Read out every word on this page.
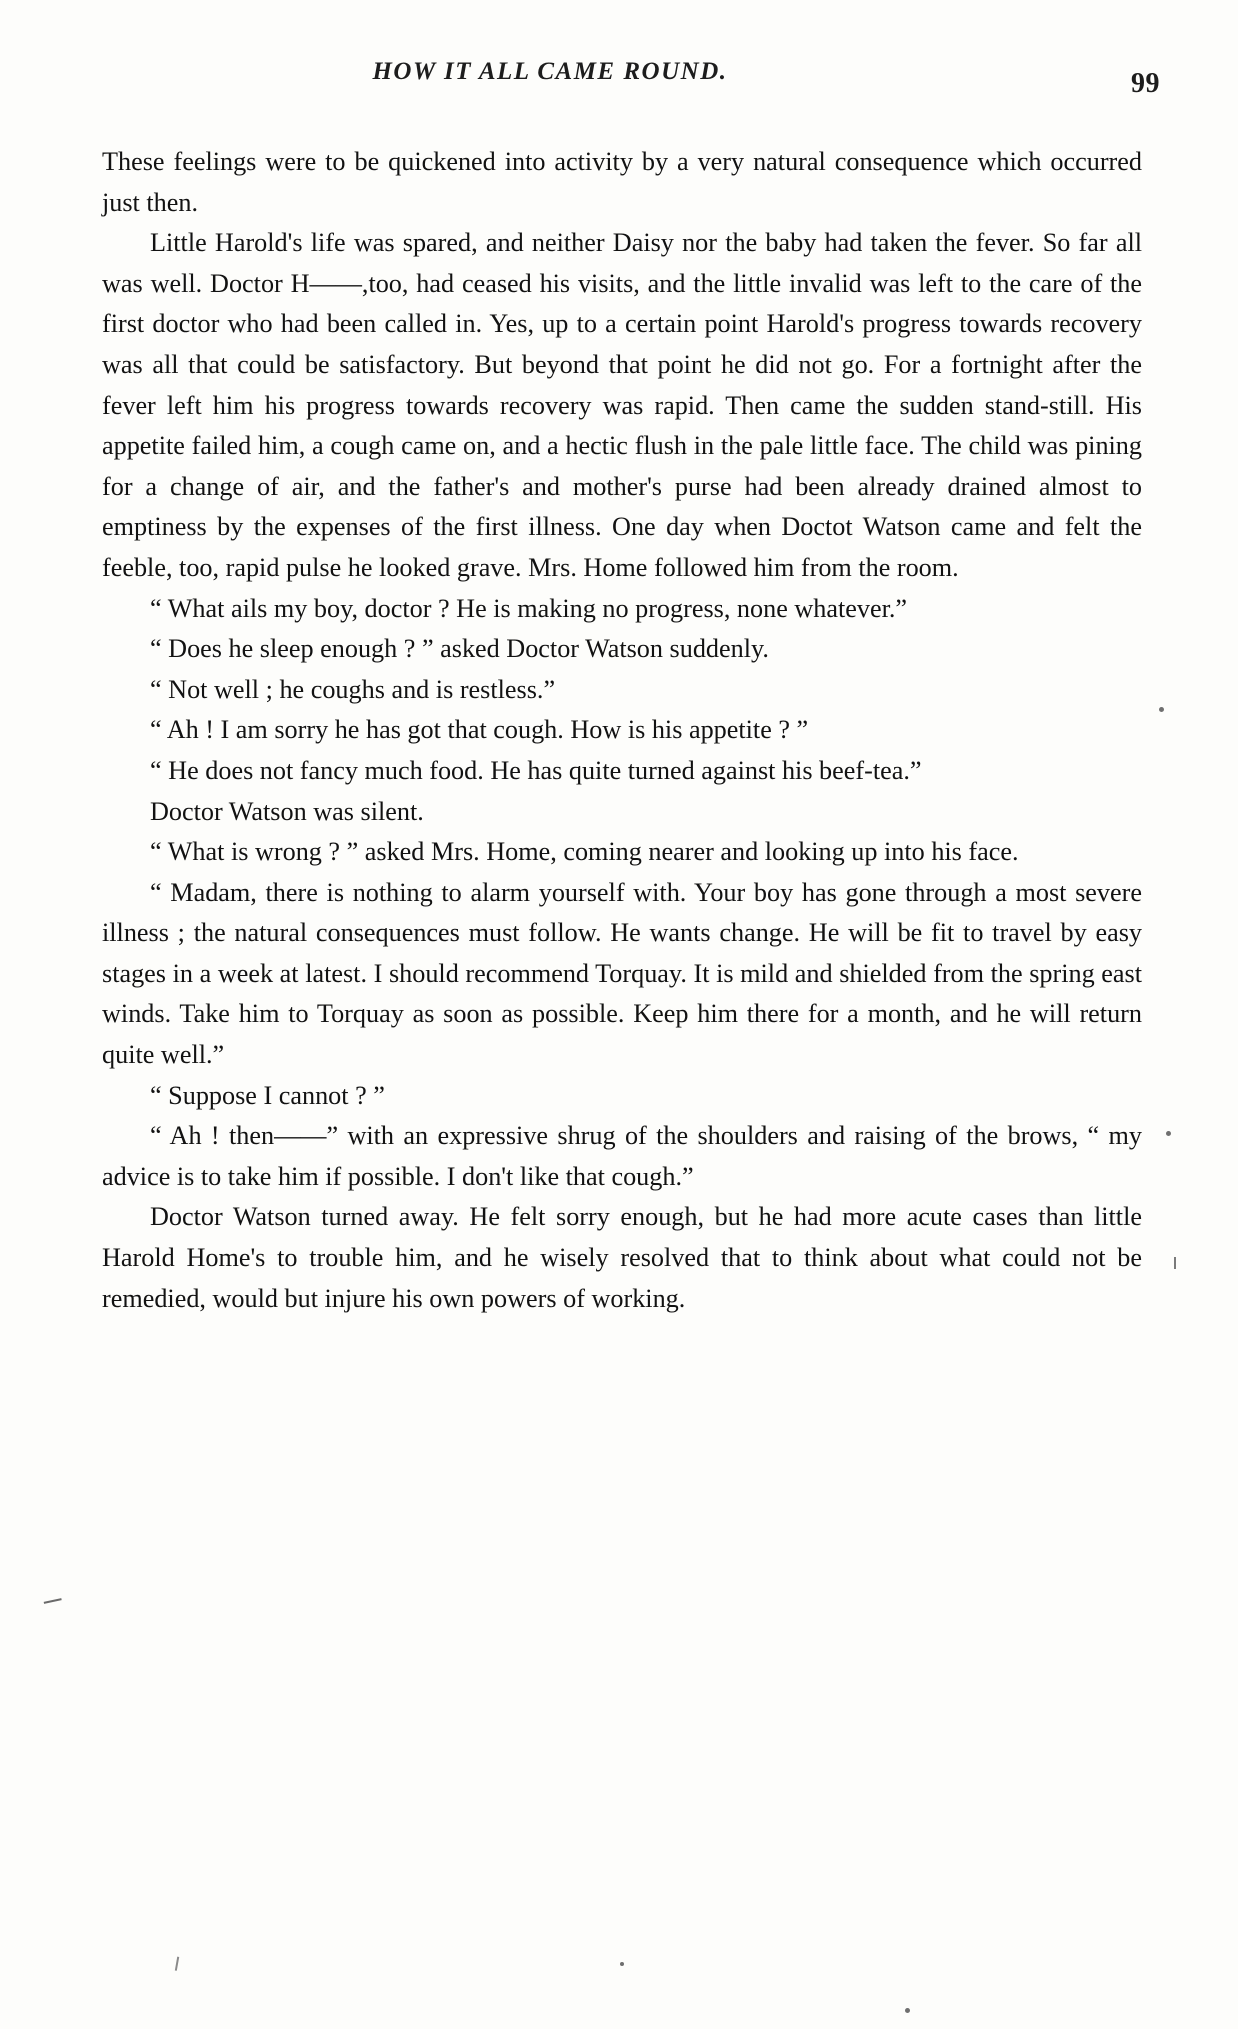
HOW IT ALL CAME ROUND.	99

These feelings were to be quickened into activity by a very natural consequence which occurred just then.

Little Harold's life was spared, and neither Daisy nor the baby had taken the fever. So far all was well. Doctor H——,too, had ceased his visits, and the little invalid was left to the care of the first doctor who had been called in. Yes, up to a certain point Harold's progress towards recovery was all that could be satisfactory. But beyond that point he did not go. For a fortnight after the fever left him his progress towards recovery was rapid. Then came the sudden stand-still. His appetite failed him, a cough came on, and a hectic flush in the pale little face. The child was pining for a change of air, and the father's and mother's purse had been already drained almost to emptiness by the expenses of the first illness. One day when Doctot Watson came and felt the feeble, too, rapid pulse he looked grave. Mrs. Home followed him from the room.

“ What ails my boy, doctor ? He is making no progress, none whatever.”

“ Does he sleep enough ? ” asked Doctor Watson suddenly.

“ Not well ; he coughs and is restless.”

“ Ah ! I am sorry he has got that cough. How is his appetite ? ”

“ He does not fancy much food. He has quite turned against his beef-tea.”

Doctor Watson was silent.

“ What is wrong ? ” asked Mrs. Home, coming nearer and looking up into his face.

“ Madam, there is nothing to alarm yourself with. Your boy has gone through a most severe illness ; the natural consequences must follow. He wants change. He will be fit to travel by easy stages in a week at latest. I should recommend Torquay. It is mild and shielded from the spring east winds. Take him to Torquay as soon as possible. Keep him there for a month, and he will return quite well.”

“ Suppose I cannot ? ”

“ Ah ! then——” with an expressive shrug of the shoulders and raising of the brows, “ my advice is to take him if possible. I don't like that cough.”

Doctor Watson turned away. He felt sorry enough, but he had more acute cases than little Harold Home's to trouble him, and he wisely resolved that to think about what could not be remedied, would but injure his own powers of working.
